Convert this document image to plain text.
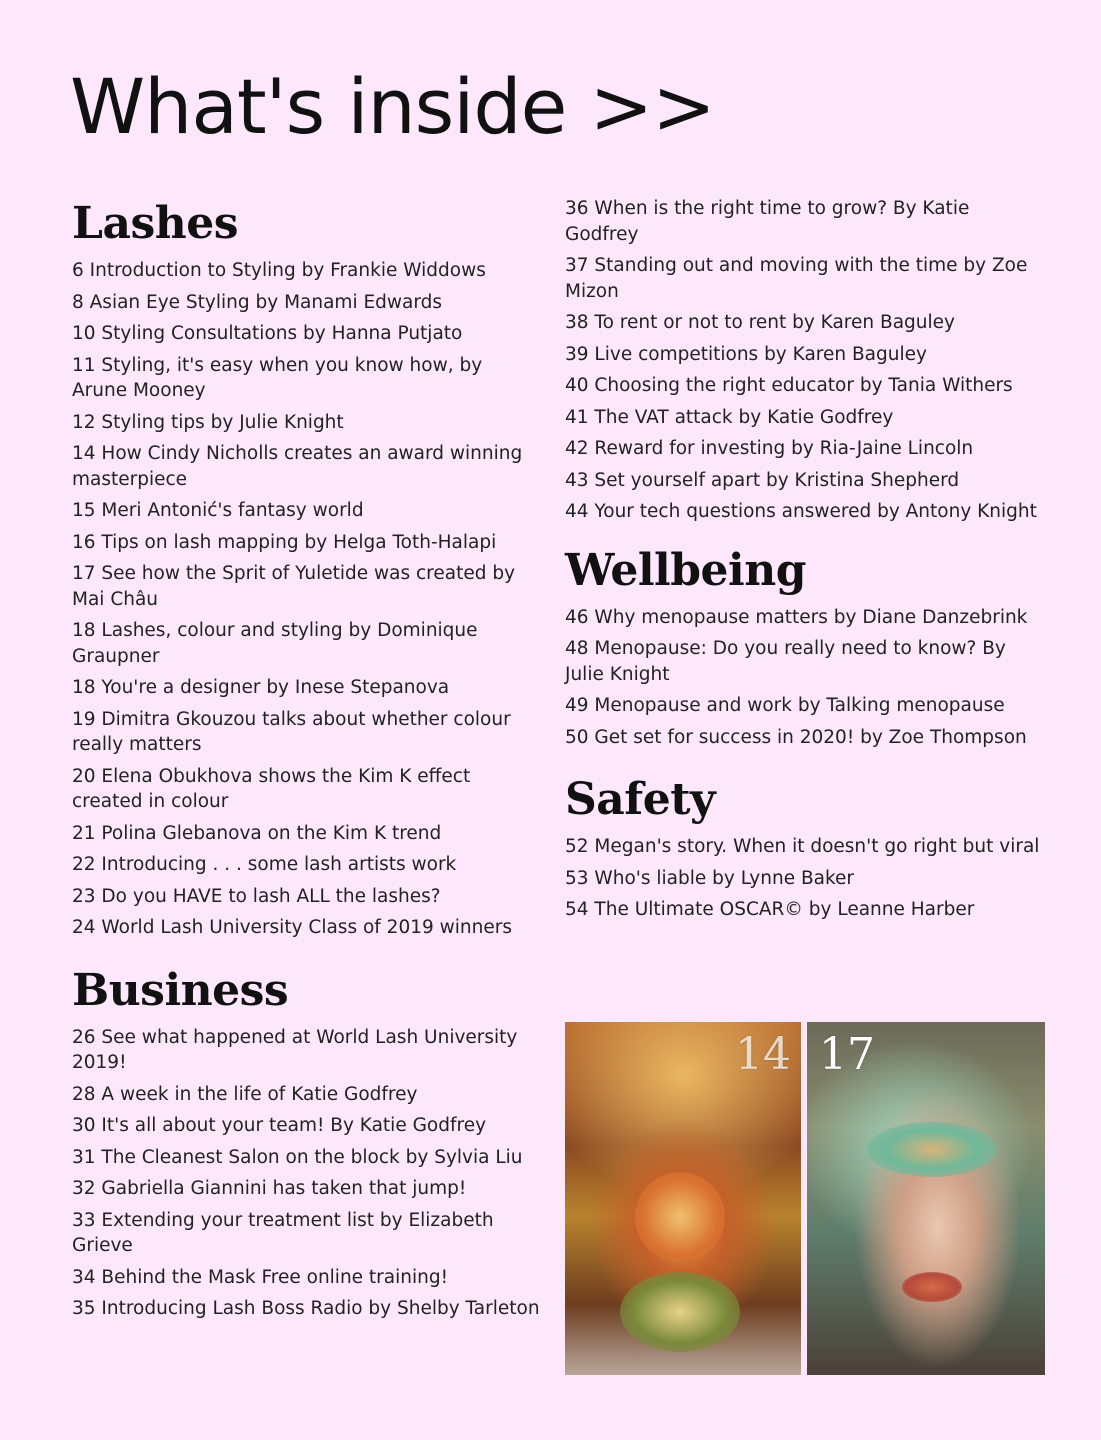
What's inside >>
Lashes

6 Introduction to Styling by Frankie Widdows

8 Asian Eye Styling by Manami Edwards

10 Styling Consultations by Hanna Putjato

11 Styling, it's easy when you know how, by Arune Mooney

12 Styling tips by Julie Knight

14 How Cindy Nicholls creates an award winning masterpiece

15 Meri Antonić's fantasy world

16 Tips on lash mapping by Helga Toth-Halapi

17 See how the Sprit of Yuletide was created by Mai Châu

18 Lashes, colour and styling by Dominique Graupner

18 You're a designer by Inese Stepanova

19 Dimitra Gkouzou talks about whether colour really matters

20 Elena Obukhova shows the Kim K effect created in colour

21 Polina Glebanova on the Kim K trend

22 Introducing . . . some lash artists work

23 Do you HAVE to lash ALL the lashes?

24 World Lash University Class of 2019 winners

Business

26 See what happened at World Lash University 2019!

28 A week in the life of Katie Godfrey

30 It's all about your team! By Katie Godfrey

31 The Cleanest Salon on the block by Sylvia Liu

32 Gabriella Giannini has taken that jump!

33 Extending your treatment list by Elizabeth Grieve

34 Behind the Mask Free online training!

35 Introducing Lash Boss Radio by Shelby Tarleton

36 When is the right time to grow? By Katie Godfrey

37 Standing out and moving with the time by Zoe Mizon

38 To rent or not to rent by Karen Baguley

39 Live competitions by Karen Baguley

40 Choosing the right educator by Tania Withers

41 The VAT attack by Katie Godfrey

42 Reward for investing by Ria-Jaine Lincoln

43 Set yourself apart by Kristina Shepherd

44 Your tech questions answered by Antony Knight

Wellbeing

46 Why menopause matters by Diane Danzebrink

48 Menopause: Do you really need to know? By Julie Knight

49 Menopause and work by Talking menopause

50 Get set for success in 2020! by Zoe Thompson

Safety

52 Megan's story. When it doesn't go right but viral

53 Who's liable by Lynne Baker

54 The Ultimate OSCAR© by Leanne Harber

14 17
